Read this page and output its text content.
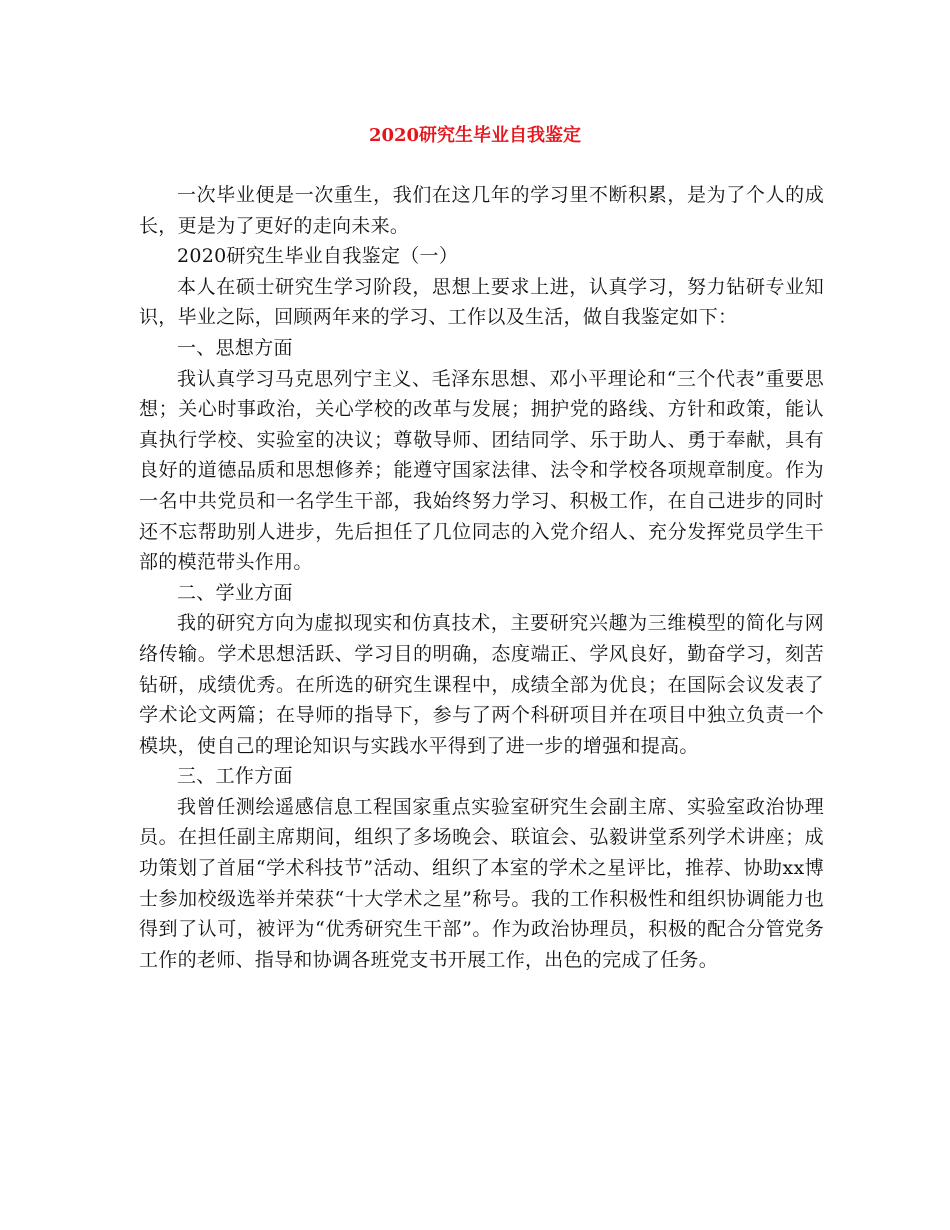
2020研究生毕业自我鉴定

一次毕业便是一次重生，我们在这几年的学习里不断积累，是为了个人的成长，更是为了更好的走向未来。

2020研究生毕业自我鉴定（一）

本人在硕士研究生学习阶段，思想上要求上进，认真学习，努力钻研专业知识，毕业之际，回顾两年来的学习、工作以及生活，做自我鉴定如下：

一、思想方面

我认真学习马克思列宁主义、毛泽东思想、邓小平理论和“三个代表”重要思想；关心时事政治，关心学校的改革与发展；拥护党的路线、方针和政策，能认真执行学校、实验室的决议；尊敬导师、团结同学、乐于助人、勇于奉献，具有良好的道德品质和思想修养；能遵守国家法律、法令和学校各项规章制度。作为一名中共党员和一名学生干部，我始终努力学习、积极工作，在自己进步的同时还不忘帮助别人进步，先后担任了几位同志的入党介绍人、充分发挥党员学生干部的模范带头作用。

二、学业方面

我的研究方向为虚拟现实和仿真技术，主要研究兴趣为三维模型的简化与网络传输。学术思想活跃、学习目的明确，态度端正、学风良好，勤奋学习，刻苦钻研，成绩优秀。在所选的研究生课程中，成绩全部为优良；在国际会议发表了学术论文两篇；在导师的指导下，参与了两个科研项目并在项目中独立负责一个模块，使自己的理论知识与实践水平得到了进一步的增强和提高。

三、工作方面

我曾任测绘遥感信息工程国家重点实验室研究生会副主席、实验室政治协理员。在担任副主席期间，组织了多场晚会、联谊会、弘毅讲堂系列学术讲座；成功策划了首届“学术科技节”活动、组织了本室的学术之星评比，推荐、协助xx博士参加校级选举并荣获“十大学术之星”称号。我的工作积极性和组织协调能力也得到了认可，被评为“优秀研究生干部”。作为政治协理员，积极的配合分管党务工作的老师、指导和协调各班党支书开展工作，出色的完成了任务。
